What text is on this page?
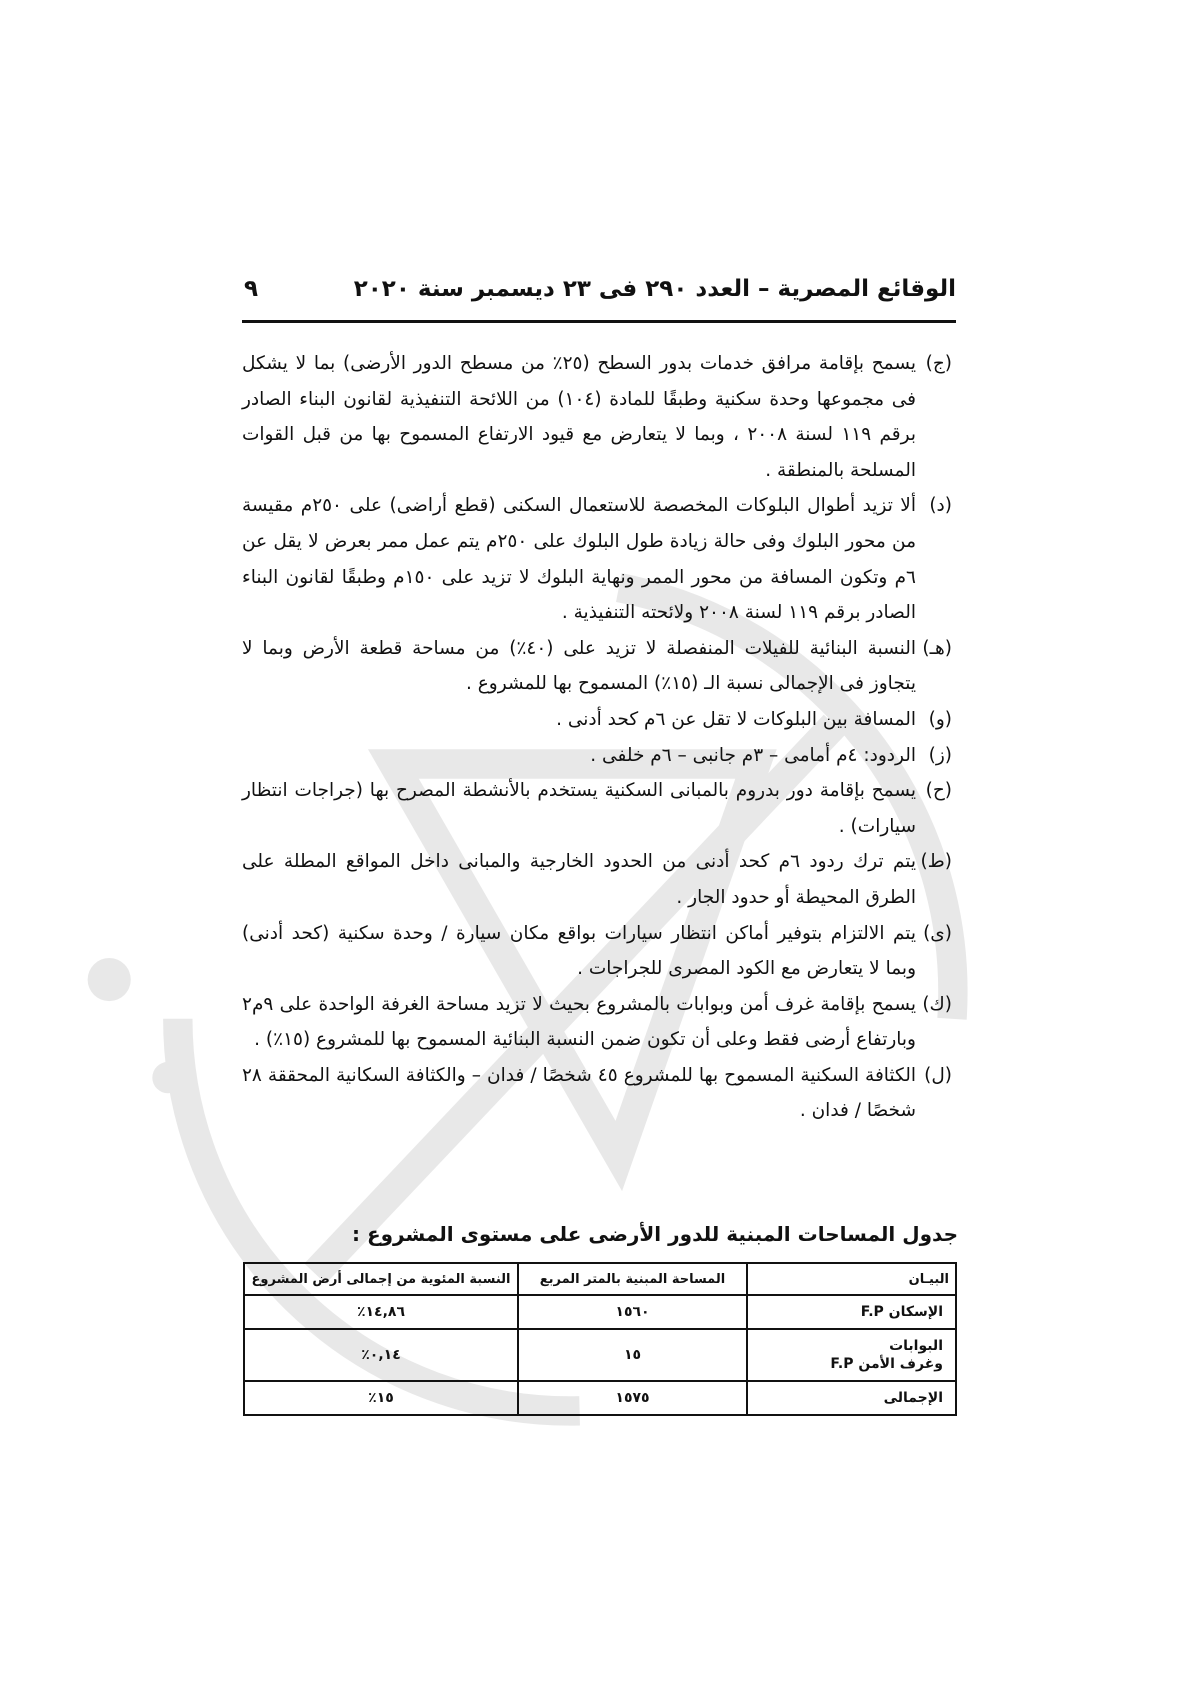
الوقائع المصرية – العدد ٢٩٠ فى ٢٣ ديسمبر سنة ٢٠٢٠
٩
(ج)
يسمح بإقامة مرافق خدمات بدور السطح (٢٥٪ من مسطح الدور الأرضى) بما لا يشكل فى مجموعها وحدة سكنية وطبقًا للمادة (١٠٤) من اللائحة التنفيذية لقانون البناء الصادر برقم ١١٩ لسنة ٢٠٠٨ ، وبما لا يتعارض مع قيود الارتفاع المسموح بها من قبل القوات المسلحة بالمنطقة .
(د)
ألا تزيد أطوال البلوكات المخصصة للاستعمال السكنى (قطع أراضى) على ٢٥٠م مقيسة من محور البلوك وفى حالة زيادة طول البلوك على ٢٥٠م يتم عمل ممر بعرض لا يقل عن ٦م وتكون المسافة من محور الممر ونهاية البلوك لا تزيد على ١٥٠م وطبقًا لقانون البناء الصادر برقم ١١٩ لسنة ٢٠٠٨ ولائحته التنفيذية .
(هـ)
النسبة البنائية للفيلات المنفصلة لا تزيد على (٤٠٪) من مساحة قطعة الأرض وبما لا يتجاوز فى الإجمالى نسبة الـ (١٥٪) المسموح بها للمشروع .
(و)
المسافة بين البلوكات لا تقل عن ٦م كحد أدنى .
(ز)
الردود: ٤م أمامى – ٣م جانبى – ٦م خلفى .
(ح)
يسمح بإقامة دور بدروم بالمبانى السكنية يستخدم بالأنشطة المصرح بها (جراجات انتظار سيارات) .
(ط)
يتم ترك ردود ٦م كحد أدنى من الحدود الخارجية والمبانى داخل المواقع المطلة على الطرق المحيطة أو حدود الجار .
(ى)
يتم الالتزام بتوفير أماكن انتظار سيارات بواقع مكان سيارة / وحدة سكنية (كحد أدنى) وبما لا يتعارض مع الكود المصرى للجراجات .
(ك)
يسمح بإقامة غرف أمن وبوابات بالمشروع بحيث لا تزيد مساحة الغرفة الواحدة على ٩م٢ وبارتفاع أرضى فقط وعلى أن تكون ضمن النسبة البنائية المسموح بها للمشروع (١٥٪) .
(ل)
الكثافة السكنية المسموح بها للمشروع ٤٥ شخصًا / فدان – والكثافة السكانية المحققة ٢٨ شخصًا / فدان .
جدول المساحات المبنية للدور الأرضى على مستوى المشروع :
البيـان	المساحة المبنية بالمتر المربع	النسبة المئوية من إجمالى أرض المشروع

الإسكان F.P	١٥٦٠	١٤,٨٦٪

البوابات
وغرف الأمن F.P	١٥	٠,١٤٪

الإجمالى	١٥٧٥	١٥٪
